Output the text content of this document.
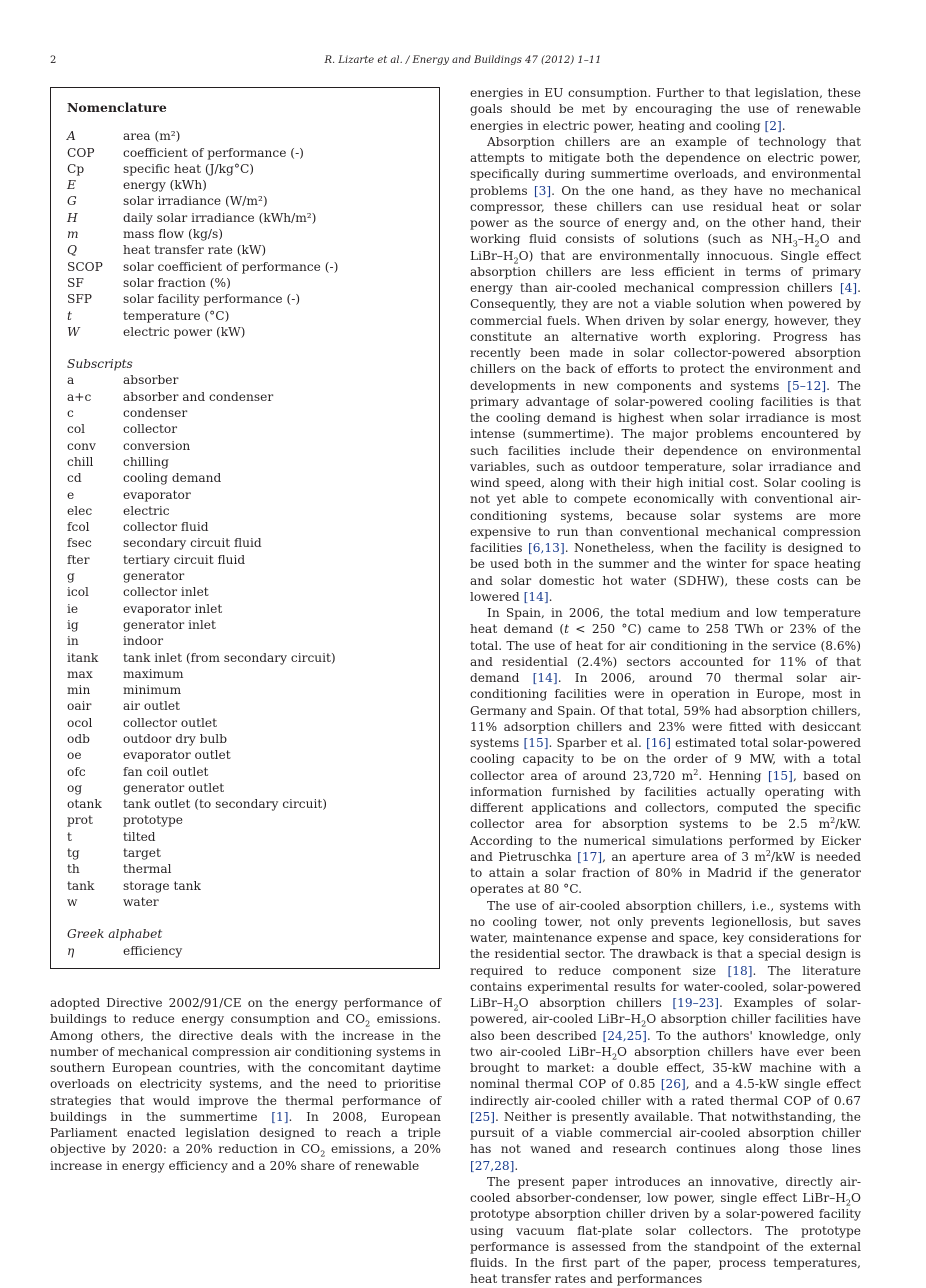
2	R. Lizarte et al. / Energy and Buildings 47 (2012) 1–11
Nomenclature
A	area (m²)
COP	coefficient of performance (-)
Cp	specific heat (J/kg°C)
E	energy (kWh)
G	solar irradiance (W/m²)
H	daily solar irradiance (kWh/m²)
m	mass flow (kg/s)
Q	heat transfer rate (kW)
SCOP	solar coefficient of performance (-)
SF	solar fraction (%)
SFP	solar facility performance (-)
t	temperature (°C)
W	electric power (kW)
Subscripts
a	absorber
a+c	absorber and condenser
c	condenser
col	collector
conv	conversion
chill	chilling
cd	cooling demand
e	evaporator
elec	electric
fcol	collector fluid
fsec	secondary circuit fluid
fter	tertiary circuit fluid
g	generator
icol	collector inlet
ie	evaporator inlet
ig	generator inlet
in	indoor
itank	tank inlet (from secondary circuit)
max	maximum
min	minimum
oair	air outlet
ocol	collector outlet
odb	outdoor dry bulb
oe	evaporator outlet
ofc	fan coil outlet
og	generator outlet
otank	tank outlet (to secondary circuit)
prot	prototype
t	tilted
tg	target
th	thermal
tank	storage tank
w	water
Greek alphabet
η	efficiency

adopted Directive 2002/91/CE on the energy performance of buildings to reduce energy consumption and $CO_2$ emissions. Among others, the directive deals with the increase in the number of mechanical compression air conditioning systems in southern European countries, with the concomitant daytime overloads on electricity systems, and the need to prioritise strategies that would improve the thermal performance of buildings in the summertime [1]. In 2008, European Parliament enacted legislation designed to reach a triple objective by 2020: a 20% reduction in $CO_2$ emissions, a 20% increase in energy efficiency and a 20% share of renewable

energies in EU consumption. Further to that legislation, these goals should be met by encouraging the use of renewable energies in electric power, heating and cooling [2].

Absorption chillers are an example of technology that attempts to mitigate both the dependence on electric power, specifically during summertime overloads, and environmental problems [3]. On the one hand, as they have no mechanical compressor, these chillers can use residual heat or solar power as the source of energy and, on the other hand, their working fluid consists of solutions (such as $NH_3-H_2O$ and LiBr–$H_2O$) that are environmentally innocuous. Single effect absorption chillers are less efficient in terms of primary energy than air-cooled mechanical compression chillers [4]. Consequently, they are not a viable solution when powered by commercial fuels. When driven by solar energy, however, they constitute an alternative worth exploring. Progress has recently been made in solar collector-powered absorption chillers on the back of efforts to protect the environment and developments in new components and systems [5–12]. The primary advantage of solar-powered cooling facilities is that the cooling demand is highest when solar irradiance is most intense (summertime). The major problems encountered by such facilities include their dependence on environmental variables, such as outdoor temperature, solar irradiance and wind speed, along with their high initial cost. Solar cooling is not yet able to compete economically with conventional air-conditioning systems, because solar systems are more expensive to run than conventional mechanical compression facilities [6,13]. Nonetheless, when the facility is designed to be used both in the summer and the winter for space heating and solar domestic hot water (SDHW), these costs can be lowered [14].

In Spain, in 2006, the total medium and low temperature heat demand (t < 250 °C) came to 258 TWh or 23% of the total. The use of heat for air conditioning in the service (8.6%) and residential (2.4%) sectors accounted for 11% of that demand [14]. In 2006, around 70 thermal solar air-conditioning facilities were in operation in Europe, most in Germany and Spain. Of that total, 59% had absorption chillers, 11% adsorption chillers and 23% were fitted with desiccant systems [15]. Sparber et al. [16] estimated total solar-powered cooling capacity to be on the order of 9 MW, with a total collector area of around 23,720 $m^2$. Henning [15], based on information furnished by facilities actually operating with different applications and collectors, computed the specific collector area for absorption systems to be 2.5 $m^2/kW$. According to the numerical simulations performed by Eicker and Pietruschka [17], an aperture area of 3 $m^2/kW$ is needed to attain a solar fraction of 80% in Madrid if the generator operates at 80 °C.

The use of air-cooled absorption chillers, i.e., systems with no cooling tower, not only prevents legionellosis, but saves water, maintenance expense and space, key considerations for the residential sector. The drawback is that a special design is required to reduce component size [18]. The literature contains experimental results for water-cooled, solar-powered LiBr–$H_2O$ absorption chillers [19–23]. Examples of solar-powered, air-cooled LiBr–$H_2O$ absorption chiller facilities have also been described [24,25]. To the authors' knowledge, only two air-cooled LiBr–$H_2O$ absorption chillers have ever been brought to market: a double effect, 35-kW machine with a nominal thermal COP of 0.85 [26], and a 4.5-kW single effect indirectly air-cooled chiller with a rated thermal COP of 0.67 [25]. Neither is presently available. That notwithstanding, the pursuit of a viable commercial air-cooled absorption chiller has not waned and research continues along those lines [27,28].

The present paper introduces an innovative, directly air-cooled absorber-condenser, low power, single effect LiBr–$H_2O$ prototype absorption chiller driven by a solar-powered facility using vacuum flat-plate solar collectors. The prototype performance is assessed from the standpoint of the external fluids. In the first part of the paper, process temperatures, heat transfer rates and performances
